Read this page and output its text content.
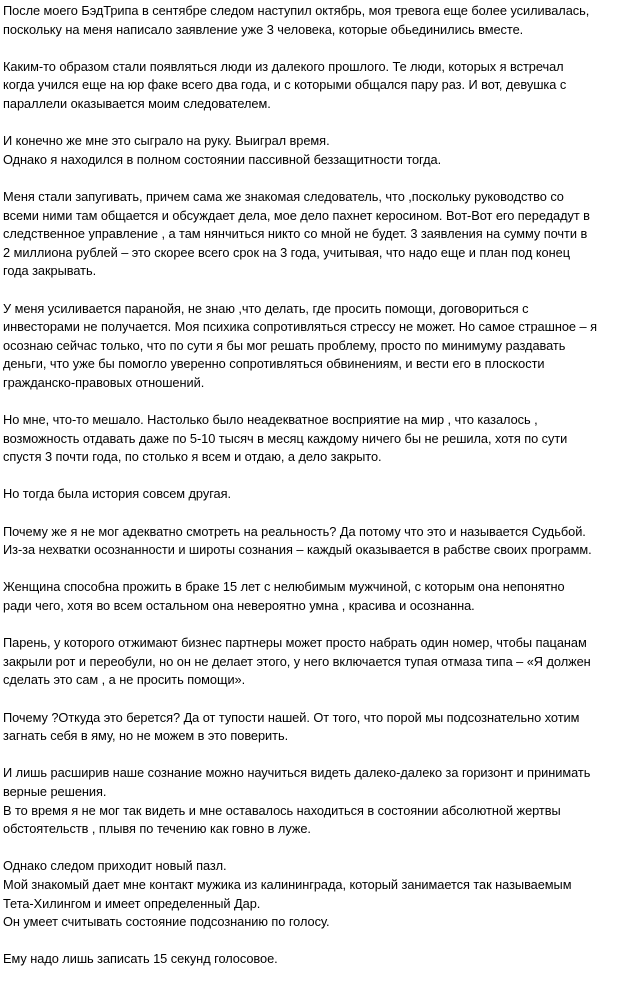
После моего БэдТрипа в сентябре следом наступил октябрь, моя тревога еще более усиливалась,
поскольку на меня написало заявление уже 3 человека, которые обьединились вместе.
Каким-то образом стали появляться люди из далекого прошлого. Те люди, которых я встречал
когда учился еще на юр факе всего два года, и с которыми общался пару раз. И вот, девушка с
параллели оказывается моим следователем.
И конечно же мне это сыграло на руку. Выиграл время.
Однако я находился в полном состоянии пассивной беззащитности тогда.
Меня стали запугивать, причем сама же знакомая следователь, что ,поскольку руководство со
всеми ними там общается и обсуждает дела, мое дело пахнет керосином. Вот-Вот его передадут в
следственное управление , а там нянчиться никто со мной не будет. 3 заявления на сумму почти в
2 миллиона рублей – это скорее всего срок на 3 года, учитывая, что надо еще и план под конец
года закрывать.
У меня усиливается паранойя, не знаю ,что делать, где просить помощи, договориться с
инвесторами не получается. Моя психика сопротивляться стрессу не может. Но самое страшное – я
осознаю сейчас только, что по сути я бы мог решать проблему, просто по минимуму раздавать
деньги, что уже бы помогло уверенно сопротивляться обвинениям, и вести его в плоскости
гражданско-правовых отношений.
Но мне, что-то мешало. Настолько было неадекватное восприятие на мир , что казалось ,
возможность отдавать даже по 5-10 тысяч в месяц каждому ничего бы не решила, хотя по сути
спустя 3 почти года, по столько я всем и отдаю, а дело закрыто.
Но тогда была история совсем другая.
Почему же я не мог адекватно смотреть на реальность? Да потому что это и называется Судьбой.
Из-за нехватки осознанности и широты сознания – каждый оказывается в рабстве своих программ.
Женщина способна прожить в браке 15 лет с нелюбимым мужчиной, с которым она непонятно
ради чего, хотя во всем остальном она невероятно умна , красива и осознанна.
Парень, у которого отжимают бизнес партнеры может просто набрать один номер, чтобы пацанам
закрыли рот и переобули, но он не делает этого, у него включается тупая отмаза типа – «Я должен
сделать это сам , а не просить помощи».
Почему ?Откуда это берется? Да от тупости нашей. От того, что порой мы подсознательно хотим
загнать себя в яму, но не можем в это поверить.
И лишь расширив наше сознание можно научиться видеть далеко-далеко за горизонт и принимать
верные решения.
В то время я не мог так видеть и мне оставалось находиться в состоянии абсолютной жертвы
обстоятельств , плывя по течению как говно в луже.
Однако следом приходит новый пазл.
Мой знакомый дает мне контакт мужика из калининграда, который занимается так называемым
Тета-Хилингом и имеет определенный Дар.
Он умеет считывать состояние подсознанию по голосу.
Ему надо лишь записать 15 секунд голосовое.
